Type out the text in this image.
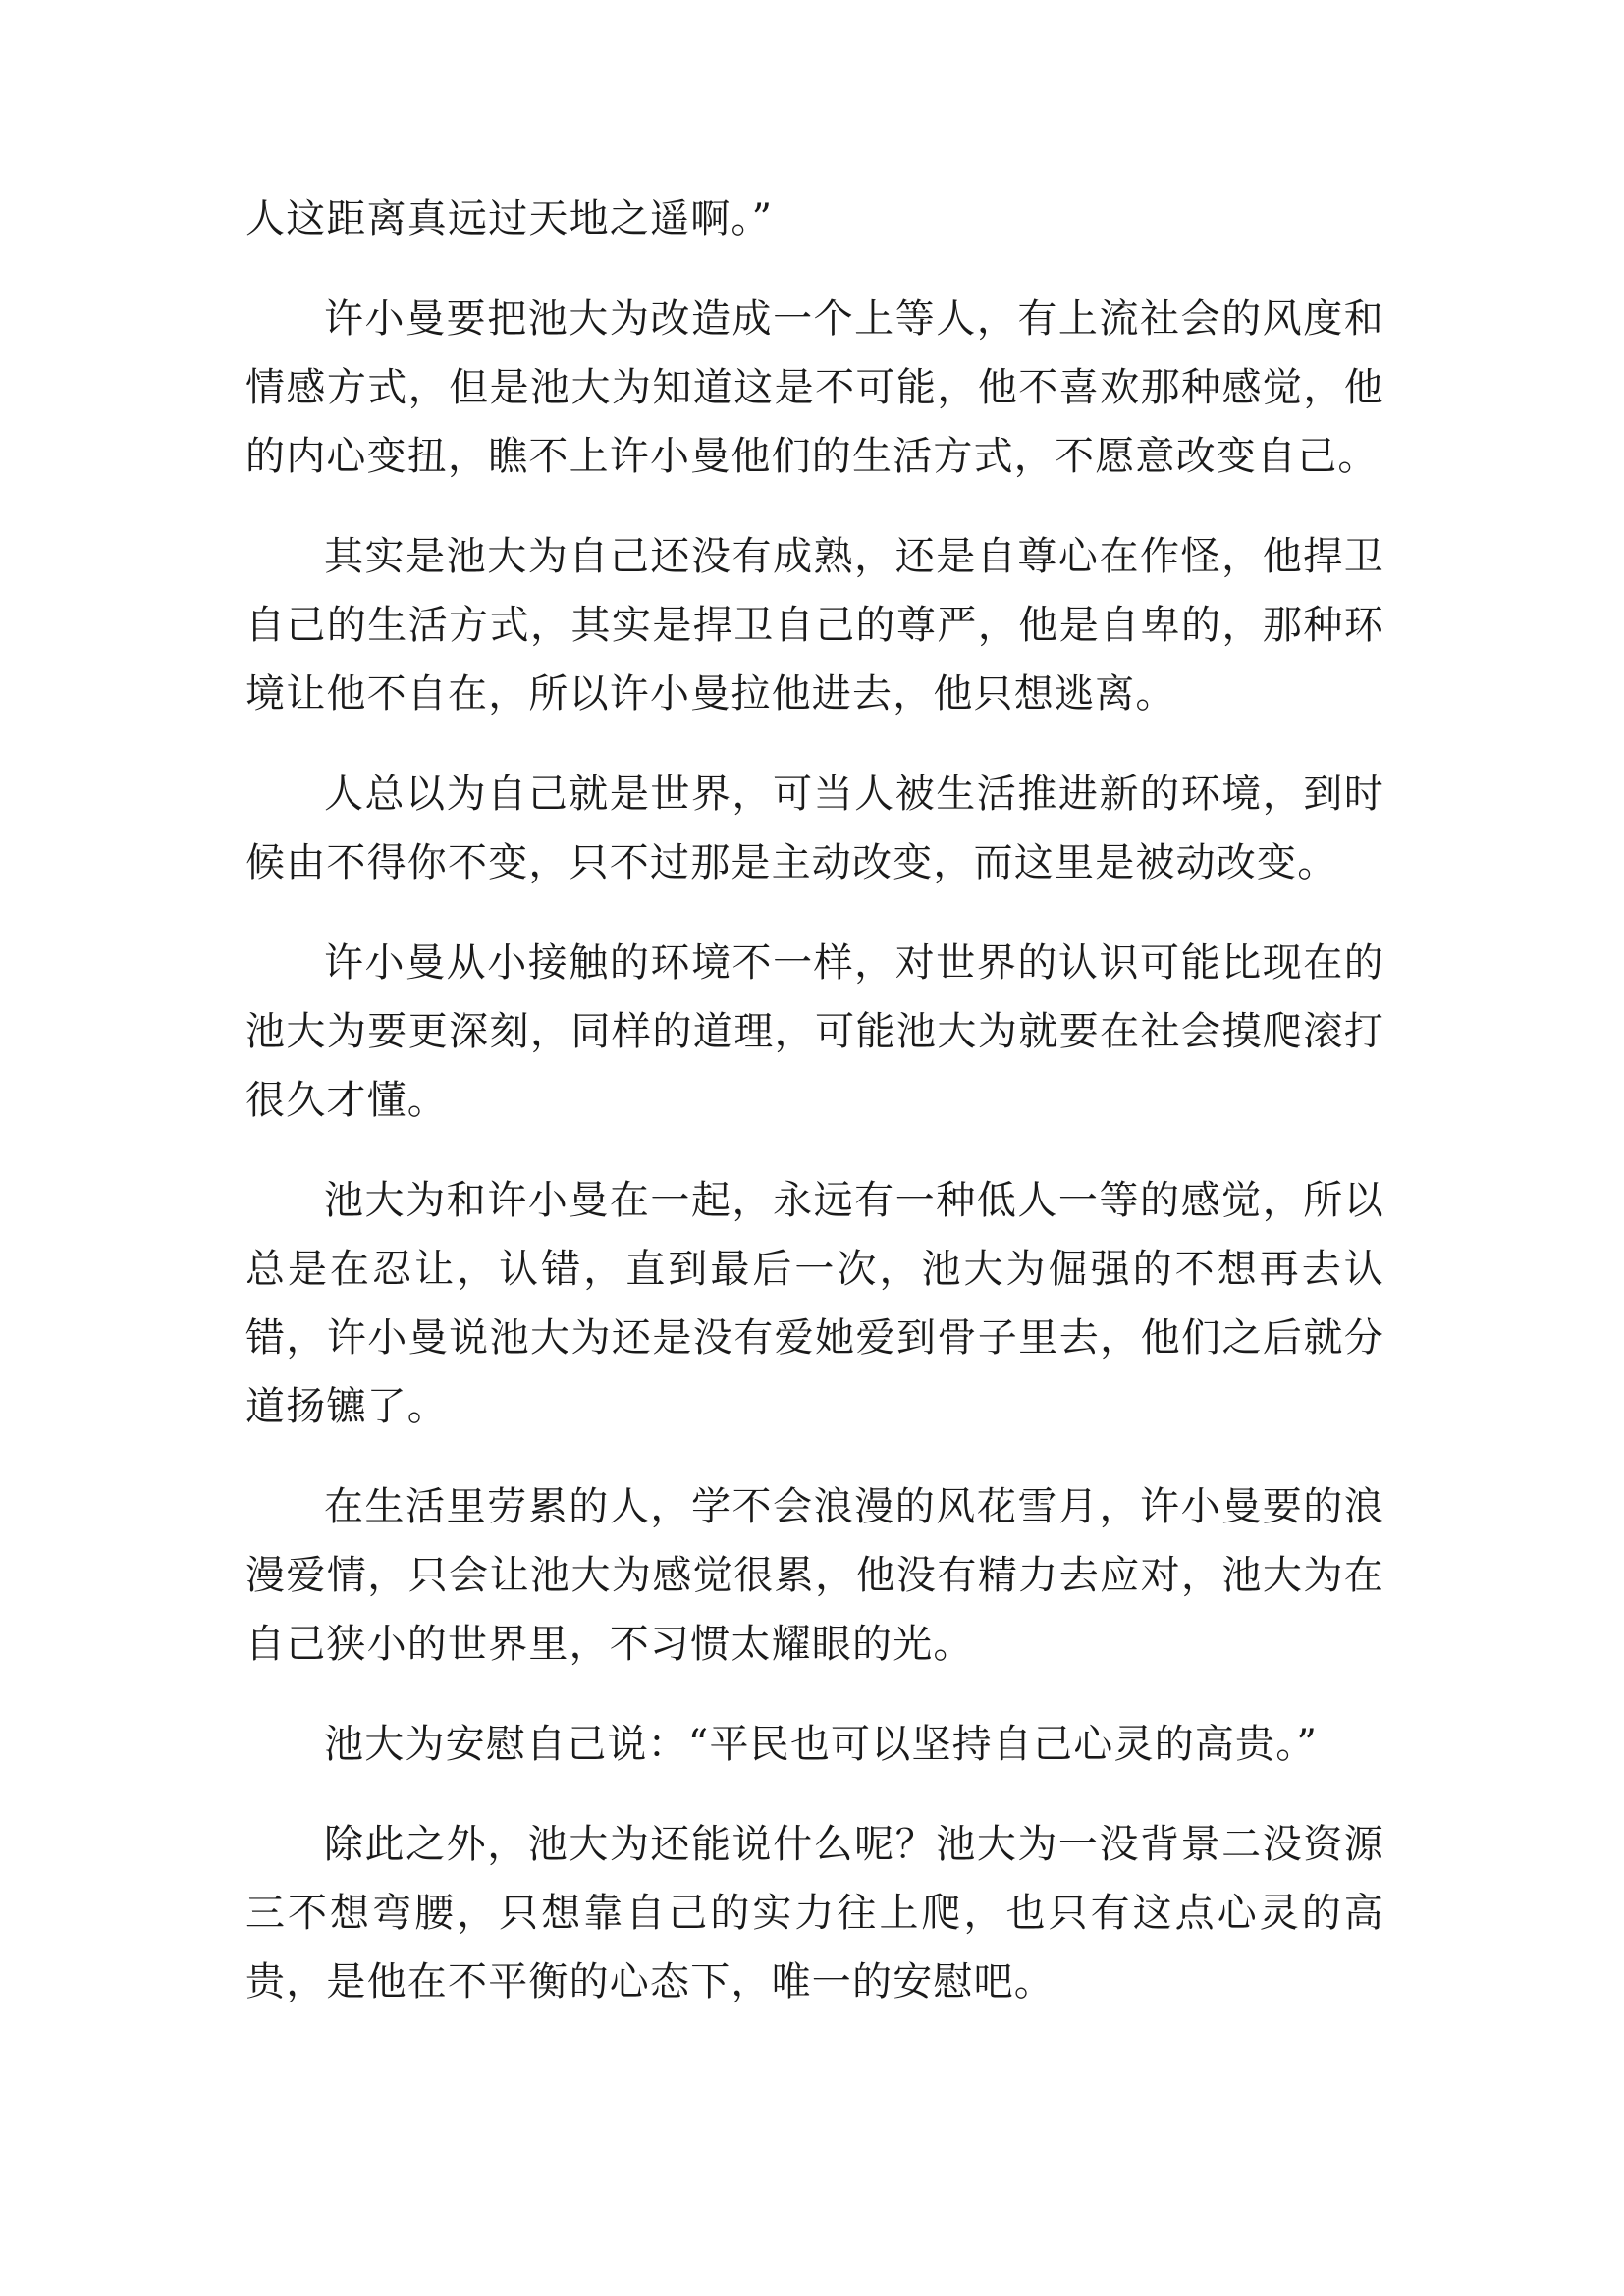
人这距离真远过天地之遥啊。”

许小曼要把池大为改造成一个上等人，有上流社会的风度和情感方式，但是池大为知道这是不可能，他不喜欢那种感觉，他的内心变扭，瞧不上许小曼他们的生活方式，不愿意改变自己。

其实是池大为自己还没有成熟，还是自尊心在作怪，他捍卫自己的生活方式，其实是捍卫自己的尊严，他是自卑的，那种环境让他不自在，所以许小曼拉他进去，他只想逃离。

人总以为自己就是世界，可当人被生活推进新的环境，到时候由不得你不变，只不过那是主动改变，而这里是被动改变。

许小曼从小接触的环境不一样，对世界的认识可能比现在的池大为要更深刻，同样的道理，可能池大为就要在社会摸爬滚打很久才懂。

池大为和许小曼在一起，永远有一种低人一等的感觉，所以总是在忍让，认错，直到最后一次，池大为倔强的不想再去认错，许小曼说池大为还是没有爱她爱到骨子里去，他们之后就分道扬镳了。

在生活里劳累的人，学不会浪漫的风花雪月，许小曼要的浪漫爱情，只会让池大为感觉很累，他没有精力去应对，池大为在自己狭小的世界里，不习惯太耀眼的光。

池大为安慰自己说：“平民也可以坚持自己心灵的高贵。”

除此之外，池大为还能说什么呢？池大为一没背景二没资源三不想弯腰，只想靠自己的实力往上爬，也只有这点心灵的高贵，是他在不平衡的心态下，唯一的安慰吧。
